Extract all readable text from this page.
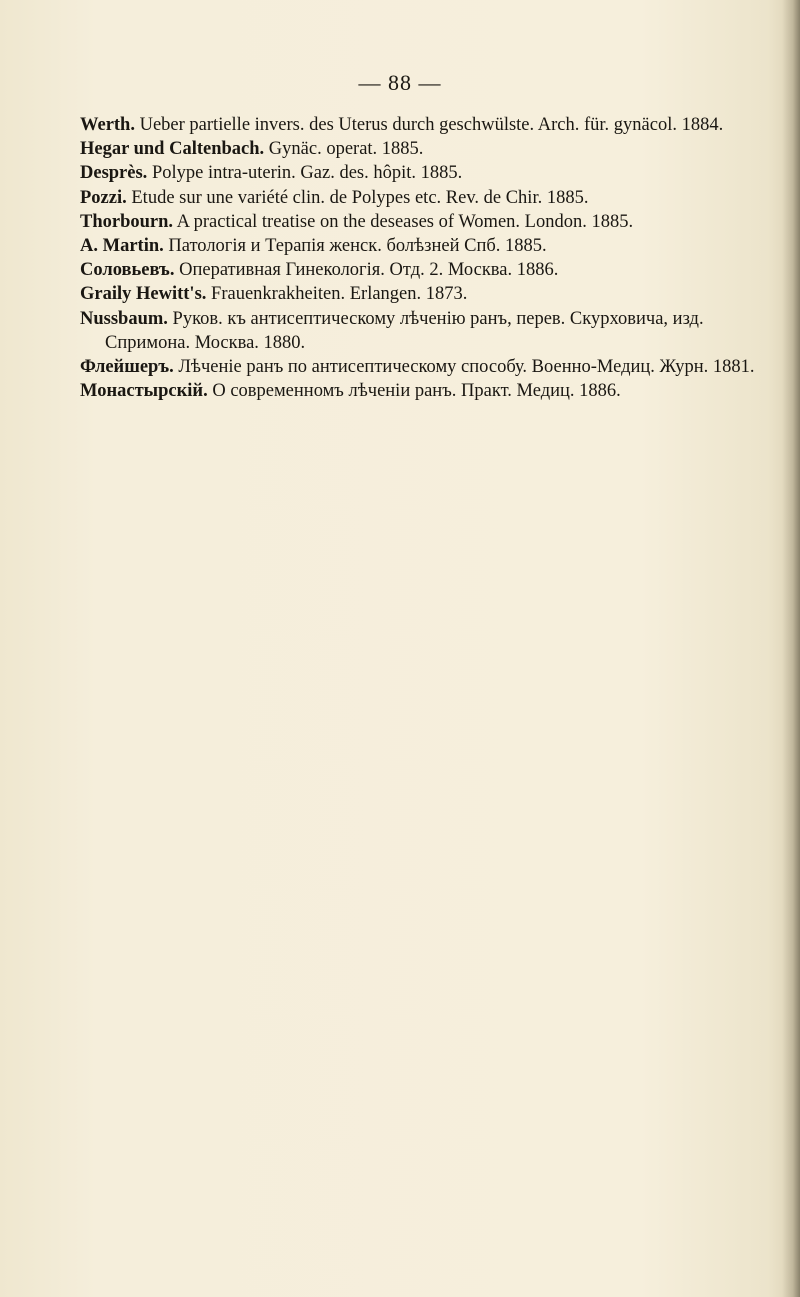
— 88 —
Werth. Ueber partielle invers. des Uterus durch geschwülste. Arch. für. gynäcol. 1884.
Hegar und Caltenbach. Gynäc. operat. 1885.
Desprès. Polype intra-uterin. Gaz. des. hôpit. 1885.
Pozzi. Etude sur une variété clin. de Polypes etc. Rev. de Chir. 1885.
Thorbourn. A practical treatise on the deseases of Women. London. 1885.
A. Martin. Патологія и Терапія женск. болѣзней Спб. 1885.
Соловьевъ. Оперативная Гинекологія. Отд. 2. Москва. 1886.
Graily Hewitt's. Frauenkrakheiten. Erlangen. 1873.
Nussbaum. Руков. къ антисептическому лѣченію ранъ, перев. Скурховича, изд. Спримона. Москва. 1880.
Флейшеръ. Лѣченіе ранъ по антисептическому способу. Военно-Медиц. Журн. 1881.
Монастырскій. О современномъ лѣченіи ранъ. Практ. Медиц. 1886.
